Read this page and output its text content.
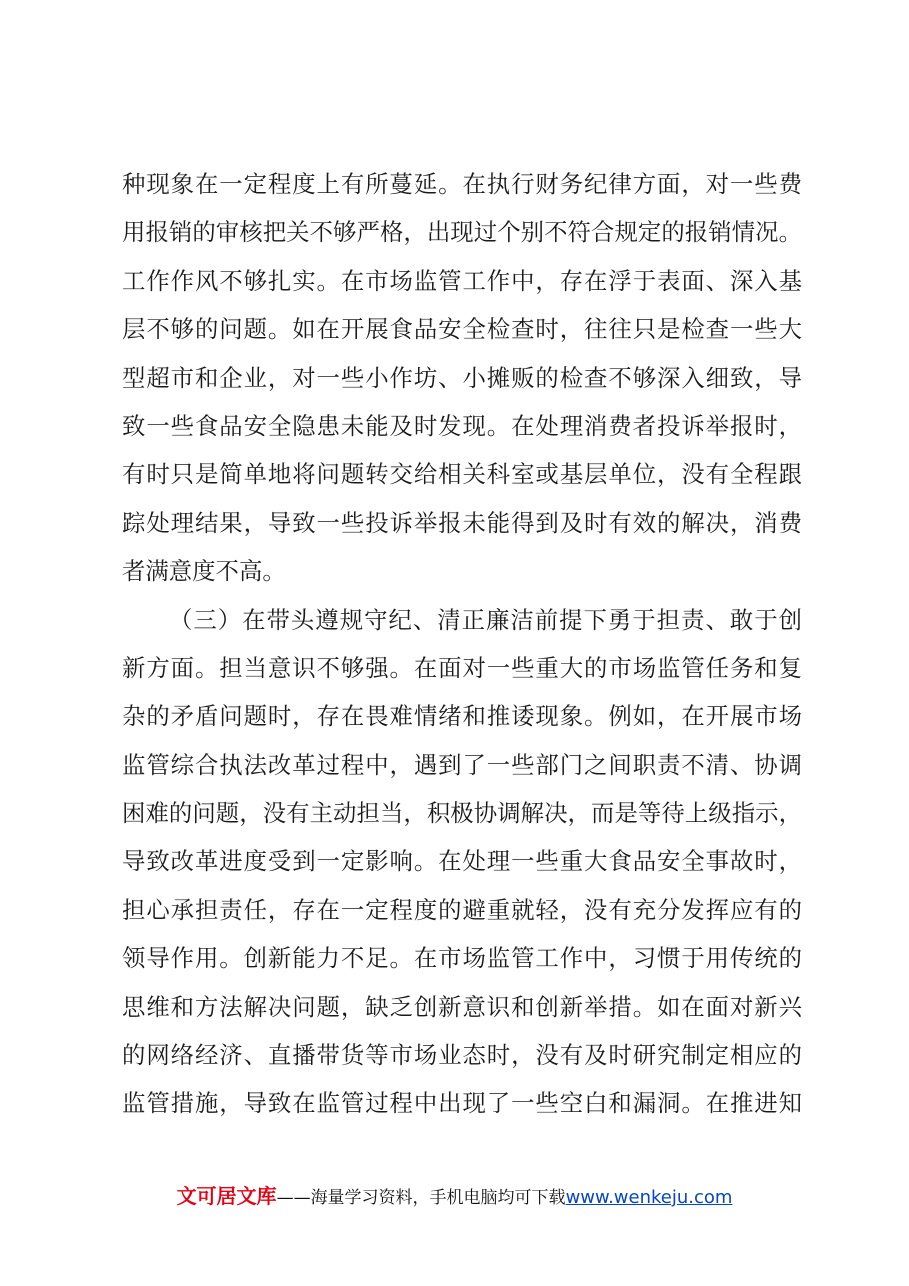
种现象在一定程度上有所蔓延。在执行财务纪律方面，对一些费
用报销的审核把关不够严格，出现过个别不符合规定的报销情况。
工作作风不够扎实。在市场监管工作中，存在浮于表面、深入基
层不够的问题。如在开展食品安全检查时，往往只是检查一些大
型超市和企业，对一些小作坊、小摊贩的检查不够深入细致，导
致一些食品安全隐患未能及时发现。在处理消费者投诉举报时，
有时只是简单地将问题转交给相关科室或基层单位，没有全程跟
踪处理结果，导致一些投诉举报未能得到及时有效的解决，消费
者满意度不高。
（三）在带头遵规守纪、清正廉洁前提下勇于担责、敢于创
新方面。担当意识不够强。在面对一些重大的市场监管任务和复
杂的矛盾问题时，存在畏难情绪和推诿现象。例如，在开展市场
监管综合执法改革过程中，遇到了一些部门之间职责不清、协调
困难的问题，没有主动担当，积极协调解决，而是等待上级指示，
导致改革进度受到一定影响。在处理一些重大食品安全事故时，
担心承担责任，存在一定程度的避重就轻，没有充分发挥应有的
领导作用。创新能力不足。在市场监管工作中，习惯于用传统的
思维和方法解决问题，缺乏创新意识和创新举措。如在面对新兴
的网络经济、直播带货等市场业态时，没有及时研究制定相应的
监管措施，导致在监管过程中出现了一些空白和漏洞。在推进知
文可居文库——海量学习资料，手机电脑均可下载www.wenkeju.com
